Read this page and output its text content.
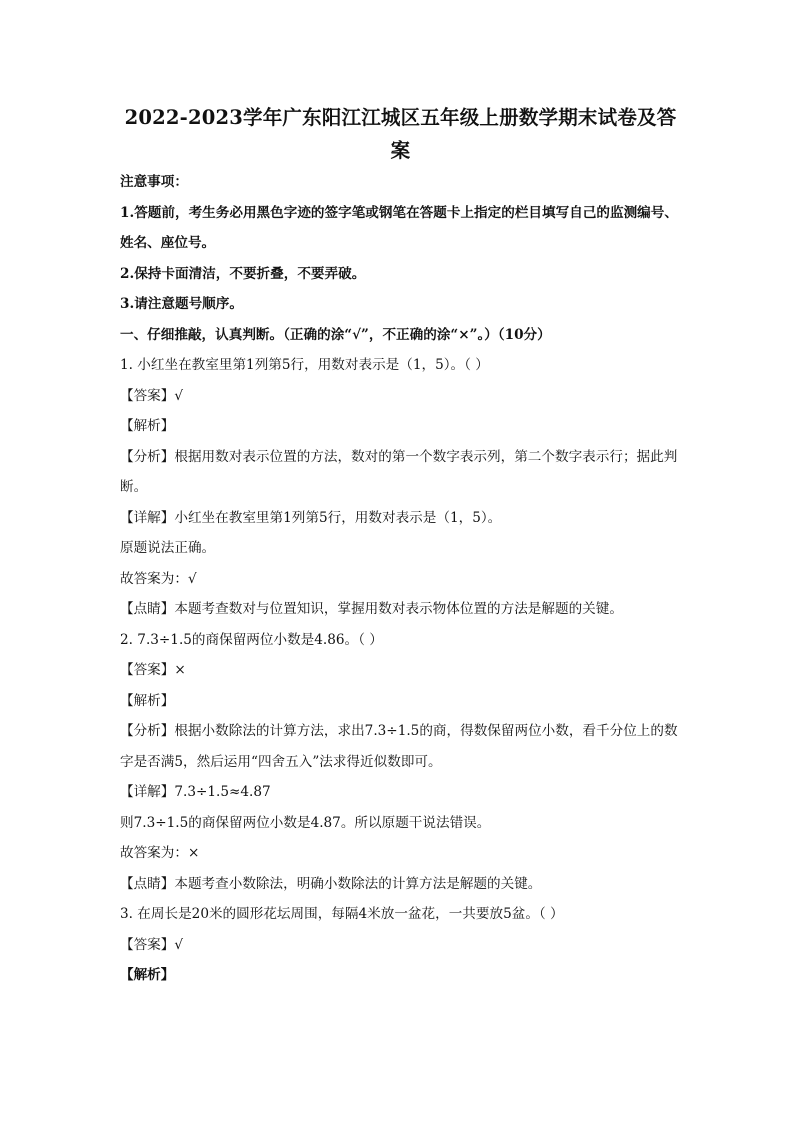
2022-2023学年广东阳江江城区五年级上册数学期末试卷及答案

注意事项：

1.答题前，考生务必用黑色字迹的签字笔或钢笔在答题卡上指定的栏目填写自己的监测编号、姓名、座位号。

2.保持卡面清洁，不要折叠，不要弄破。

3.请注意题号顺序。

一、仔细推敲，认真判断。（正确的涂“√”，不正确的涂“×”。）（10分）

1. 小红坐在教室里第1列第5行，用数对表示是（1，5）。（ ）

【答案】√

【解析】

【分析】根据用数对表示位置的方法，数对的第一个数字表示列，第二个数字表示行；据此判断。

【详解】小红坐在教室里第1列第5行，用数对表示是（1，5）。

原题说法正确。

故答案为：√

【点睛】本题考查数对与位置知识，掌握用数对表示物体位置的方法是解题的关键。

2. 7.3÷1.5的商保留两位小数是4.86。（ ）

【答案】×

【解析】

【分析】根据小数除法的计算方法，求出7.3÷1.5的商，得数保留两位小数，看千分位上的数字是否满5，然后运用“四舍五入”法求得近似数即可。

【详解】7.3÷1.5≈4.87

则7.3÷1.5的商保留两位小数是4.87。所以原题干说法错误。

故答案为：×

【点睛】本题考查小数除法，明确小数除法的计算方法是解题的关键。

3. 在周长是20米的圆形花坛周围，每隔4米放一盆花，一共要放5盆。（ ）

【答案】√

【解析】
